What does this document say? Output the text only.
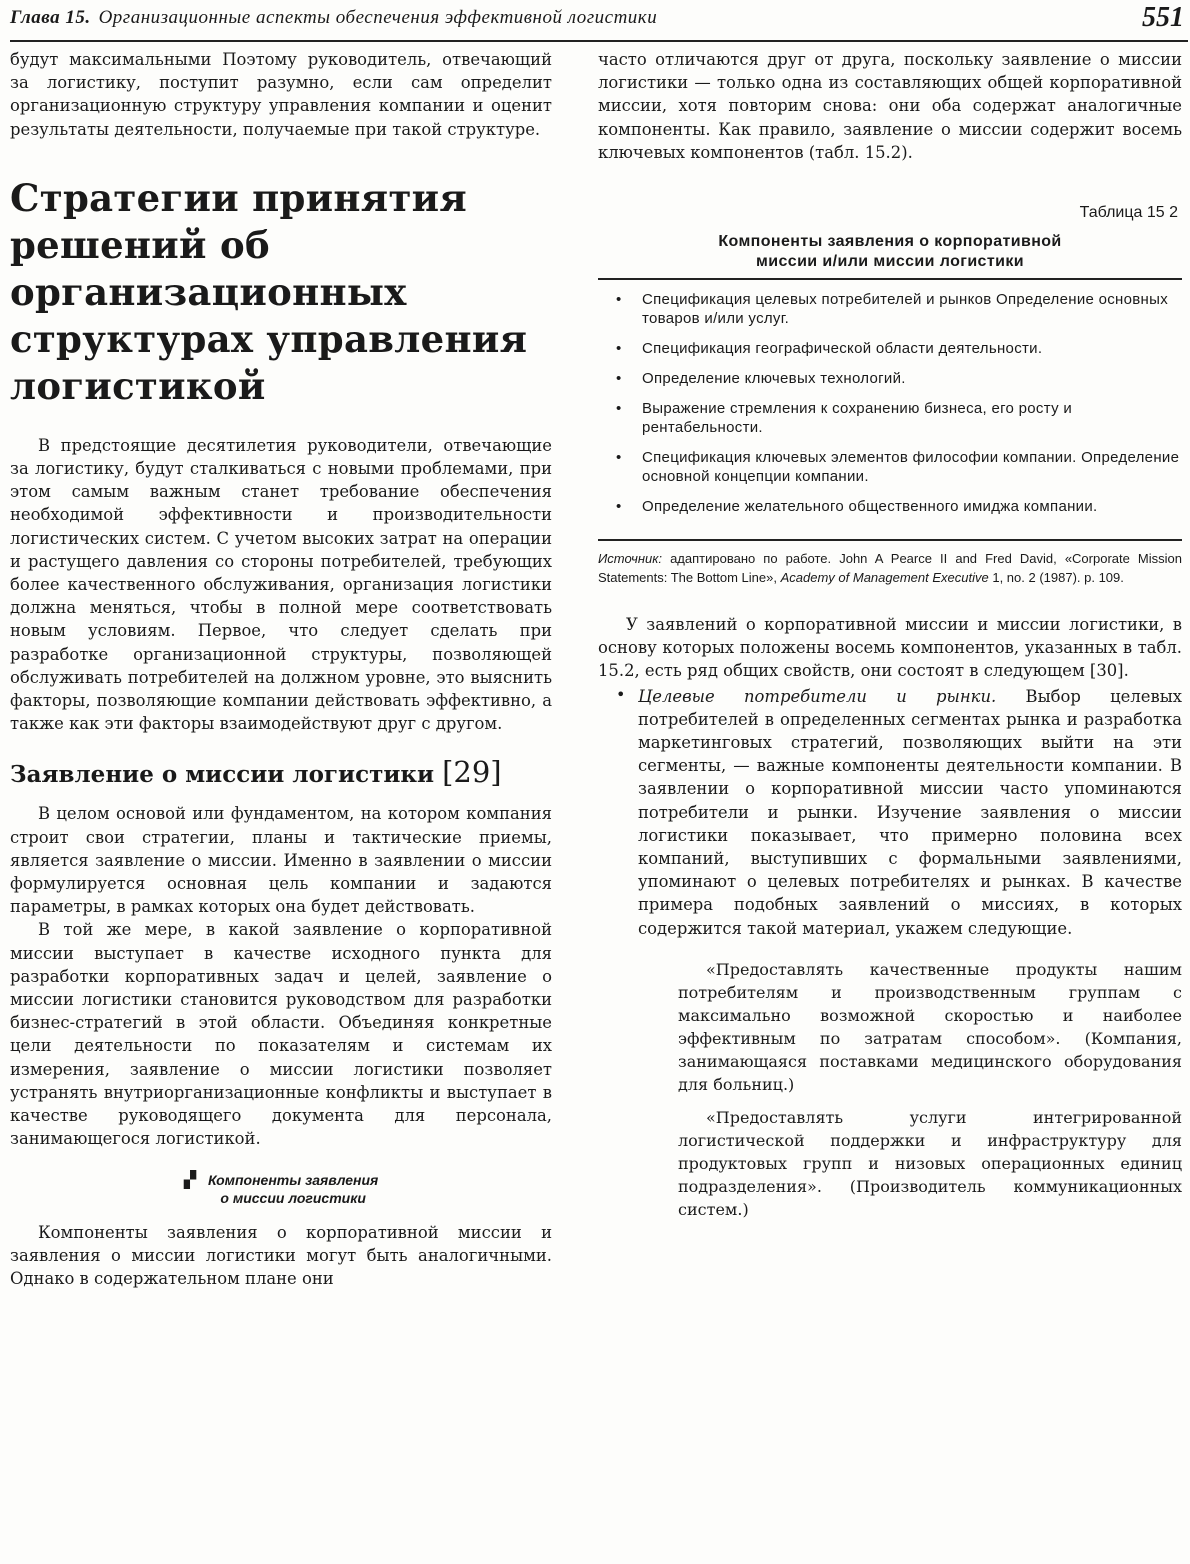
Глава 15. Организационные аспекты обеспечения эффективной логистики	551

будут максимальными Поэтому руководитель, отвечающий за логистику, поступит разумно, если сам определит организационную структуру управления компании и оценит результаты деятельности, получаемые при такой структуре.

Стратегии принятия решений об организационных структурах управления логистикой

В предстоящие десятилетия руководители, отвечающие за логистику, будут сталкиваться с новыми проблемами, при этом самым важным станет требование обеспечения необходимой эффективности и производительности логистических систем. С учетом высоких затрат на операции и растущего давления со стороны потребителей, требующих более качественного обслуживания, организация логистики должна меняться, чтобы в полной мере соответствовать новым условиям. Первое, что следует сделать при разработке организационной структуры, позволяющей обслуживать потребителей на должном уровне, это выяснить факторы, позволяющие компании действовать эффективно, а также как эти факторы взаимодействуют друг с другом.

Заявление о миссии логистики [29]

В целом основой или фундаментом, на котором компания строит свои стратегии, планы и тактические приемы, является заявление о миссии. Именно в заявлении о миссии формулируется основная цель компании и задаются параметры, в рамках которых она будет действовать.

В той же мере, в какой заявление о корпоративной миссии выступает в качестве исходного пункта для разработки корпоративных задач и целей, заявление о миссии логистики становится руководством для разработки бизнес-стратегий в этой области. Объединяя конкретные цели деятельности по показателям и системам их измерения, заявление о миссии логистики позволяет устранять внутриорганизационные конфликты и выступает в качестве руководящего документа для персонала, занимающегося логистикой.

▞ Компоненты заявления
о миссии логистики

Компоненты заявления о корпоративной миссии и заявления о миссии логистики могут быть аналогичными. Однако в содержательном плане они

часто отличаются друг от друга, поскольку заявление о миссии логистики — только одна из составляющих общей корпоративной миссии, хотя повторим снова: они оба содержат аналогичные компоненты. Как правило, заявление о миссии содержит восемь ключевых компонентов (табл. 15.2).

Таблица 15 2
Компоненты заявления о корпоративной
миссии и/или миссии логистики
• Спецификация целевых потребителей и рынков Определение основных товаров и/или услуг.
• Спецификация географической области деятельности.
• Определение ключевых технологий.
• Выражение стремления к сохранению бизнеса, его росту и рентабельности.
• Спецификация ключевых элементов философии компании. Определение основной концепции компании.
• Определение желательного общественного имиджа компании.
Источник: адаптировано по работе. John A Pearce II and Fred David, «Corporate Mission Statements: The Bottom Line», Academy of Management Executive 1, no. 2 (1987). p. 109.

У заявлений о корпоративной миссии и миссии логистики, в основу которых положены восемь компонентов, указанных в табл. 15.2, есть ряд общих свойств, они состоят в следующем [30].

• Целевые потребители и рынки. Выбор целевых потребителей в определенных сегментах рынка и разработка маркетинговых стратегий, позволяющих выйти на эти сегменты, — важные компоненты деятельности компании. В заявлении о корпоративной миссии часто упоминаются потребители и рынки. Изучение заявления о миссии логистики показывает, что примерно половина всех компаний, выступивших с формальными заявлениями, упоминают о целевых потребителях и рынках. В качестве примера подобных заявлений о миссиях, в которых содержится такой материал, укажем следующие.

«Предоставлять качественные продукты нашим потребителям и производственным группам с максимально возможной скоростью и наиболее эффективным по затратам способом». (Компания, занимающаяся поставками медицинского оборудования для больниц.)

«Предоставлять услуги интегрированной логистической поддержки и инфраструктуру для продуктовых групп и низовых операционных единиц подразделения». (Производитель коммуникационных систем.)
